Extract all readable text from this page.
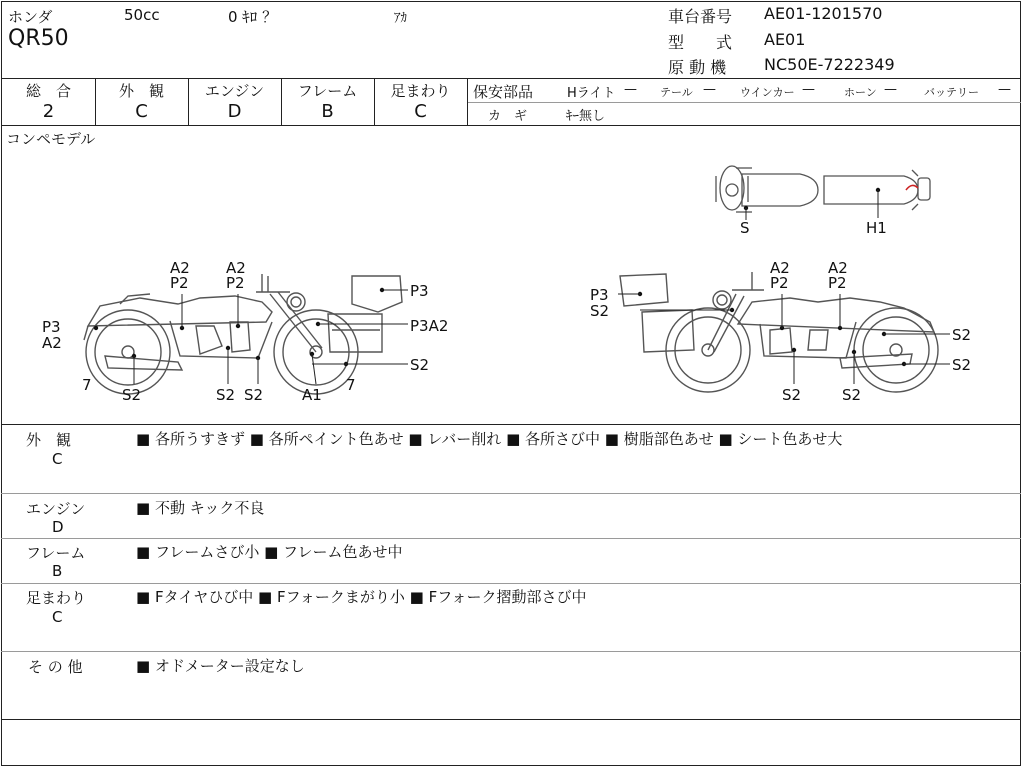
ホンダ	50cc	0 ｷﾛ ？	ｱｶ
QR50
車台番号 AE01-1201570
型　　式 AE01
原 動 機 NC50E-7222349
総　合
2
外　観
C
エンジン
D
フレーム
B
足まわり
C
保安部品	Hライト — テール — ウインカー —	ホーン — バッテリー —
カ　ギ	ｷｰ無し
コンペモデル
A2
P2
A2
P2	P3
P3
A2
P3A2
7
S2	S2 S2	A1
7
S2
P3
S2
A2
P2
A2
P2
S2
S2
S2	S2
S	H1
外　観
C
■ 各所うすきず ■ 各所ペイント色あせ ■ レバー削れ ■ 各所さび中 ■ 樹脂部色あせ ■ シート色あせ大
エンジン
D
■ 不動 キック不良
フレーム
B
■ フレームさび小 ■ フレーム色あせ中
足まわり
C
■ Fタイヤひび中 ■ Fフォークまがり小 ■ Fフォーク摺動部さび中
そ の 他	■ オドメーター設定なし
